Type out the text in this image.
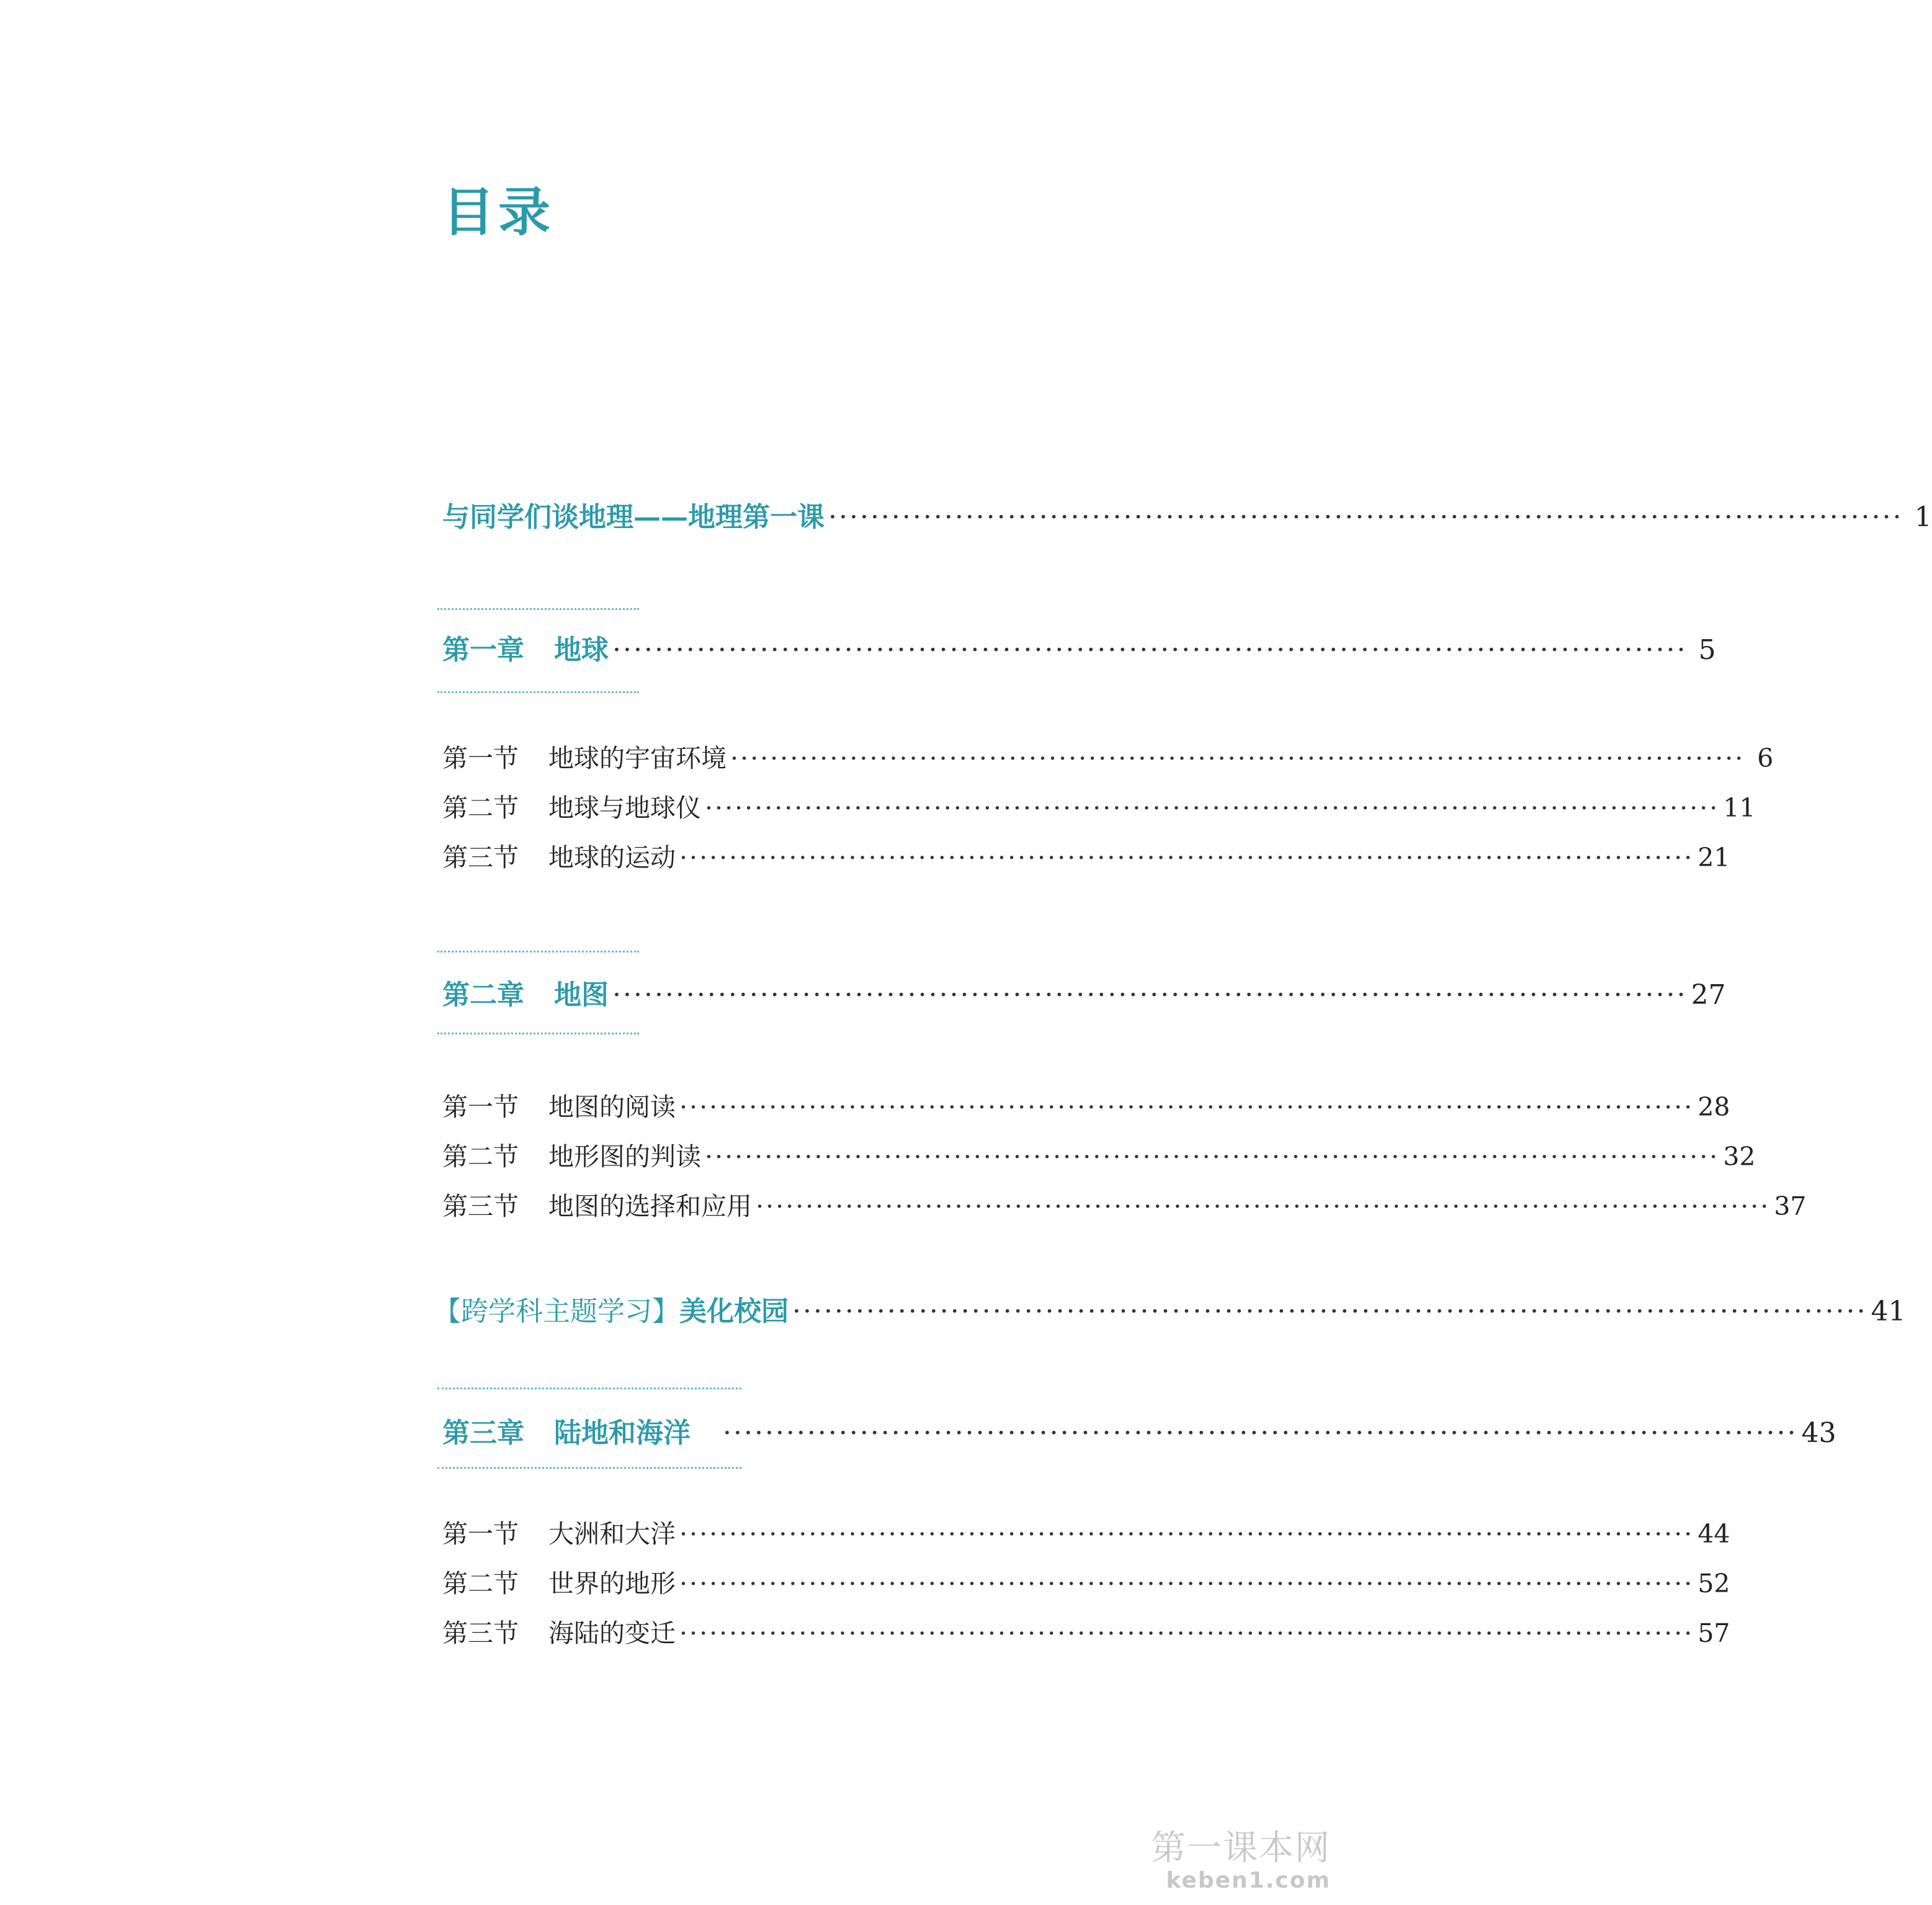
目录
与同学们谈地理——地理第一课 ······································································································ 1
第一章 地球 ······································································································ 5
第一节 地球的宇宙环境 ······································································································ 6
第二节 地球与地球仪 ······································································································ 11
第三节 地球的运动 ······································································································ 21
第二章 地图 ······································································································ 27
第一节 地图的阅读 ······································································································ 28
第二节 地形图的判读 ······································································································ 32
第三节 地图的选择和应用 ······································································································ 37
【跨学科主题学习】美化校园 ······································································································ 41
第三章 陆地和海洋 ······································································································ 43
第一节 大洲和大洋 ······································································································ 44
第二节 世界的地形 ······································································································ 52
第三节 海陆的变迁 ······································································································ 57
第一课本网
keben1.com
